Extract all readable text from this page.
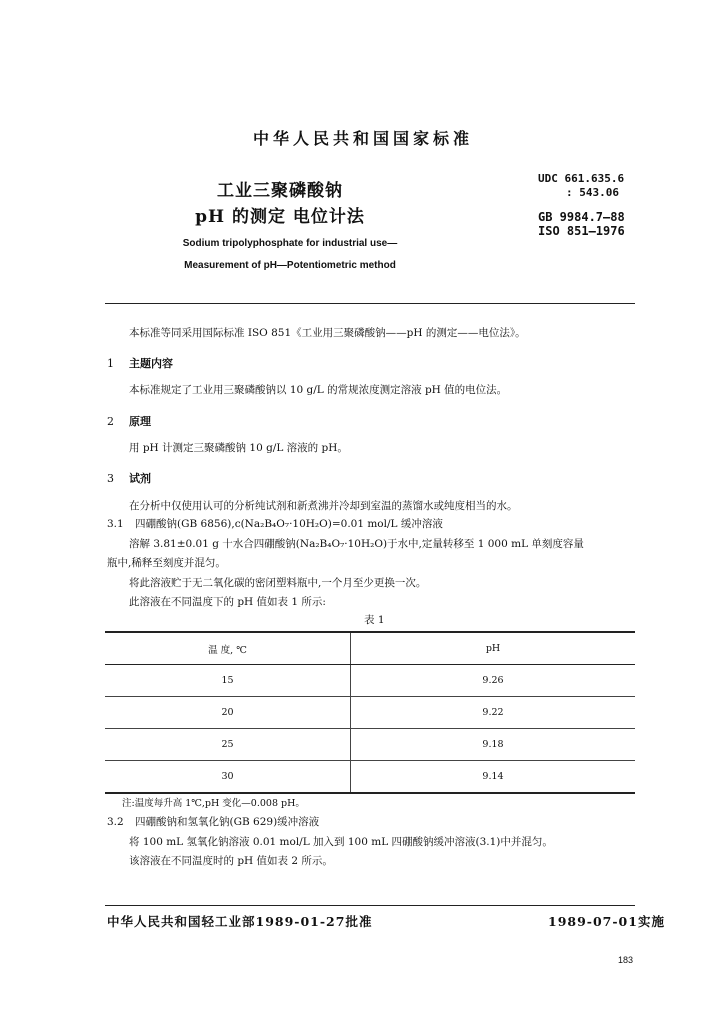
中华人民共和国国家标准
工业三聚磷酸钠
pH 的测定 电位计法
UDC 661.635.6
: 543.06
GB 9984.7—88
ISO 851—1976
Sodium tripolyphosphate for industrial use—
Measurement of pH—Potentiometric method
本标准等同采用国际标准 ISO 851《工业用三聚磷酸钠——pH 的测定——电位法》。
1 主题内容
本标准规定了工业用三聚磷酸钠以 10 g/L 的常规浓度测定溶液 pH 值的电位法。
2 原理
用 pH 计测定三聚磷酸钠 10 g/L 溶液的 pH。
3 试剂
在分析中仅使用认可的分析纯试剂和新煮沸并冷却到室温的蒸馏水或纯度相当的水。
3.1 四硼酸钠(GB 6856),c(Na₂B₄O₇·10H₂O)=0.01 mol/L 缓冲溶液
溶解 3.81±0.01 g 十水合四硼酸钠(Na₂B₄O₇·10H₂O)于水中,定量转移至 1 000 mL 单刻度容量
瓶中,稀释至刻度并混匀。
将此溶液贮于无二氧化碳的密闭塑料瓶中,一个月至少更换一次。
此溶液在不同温度下的 pH 值如表 1 所示:
表 1
温 度, ℃	pH
15	9.26
20	9.22
25	9.18
30	9.14
注:温度每升高 1℃,pH 变化—0.008 pH。
3.2 四硼酸钠和氢氧化钠(GB 629)缓冲溶液
将 100 mL 氢氧化钠溶液 0.01 mol/L 加入到 100 mL 四硼酸钠缓冲溶液(3.1)中并混匀。
该溶液在不同温度时的 pH 值如表 2 所示。
中华人民共和国轻工业部1989-01-27批准	1989-07-01实施
183
